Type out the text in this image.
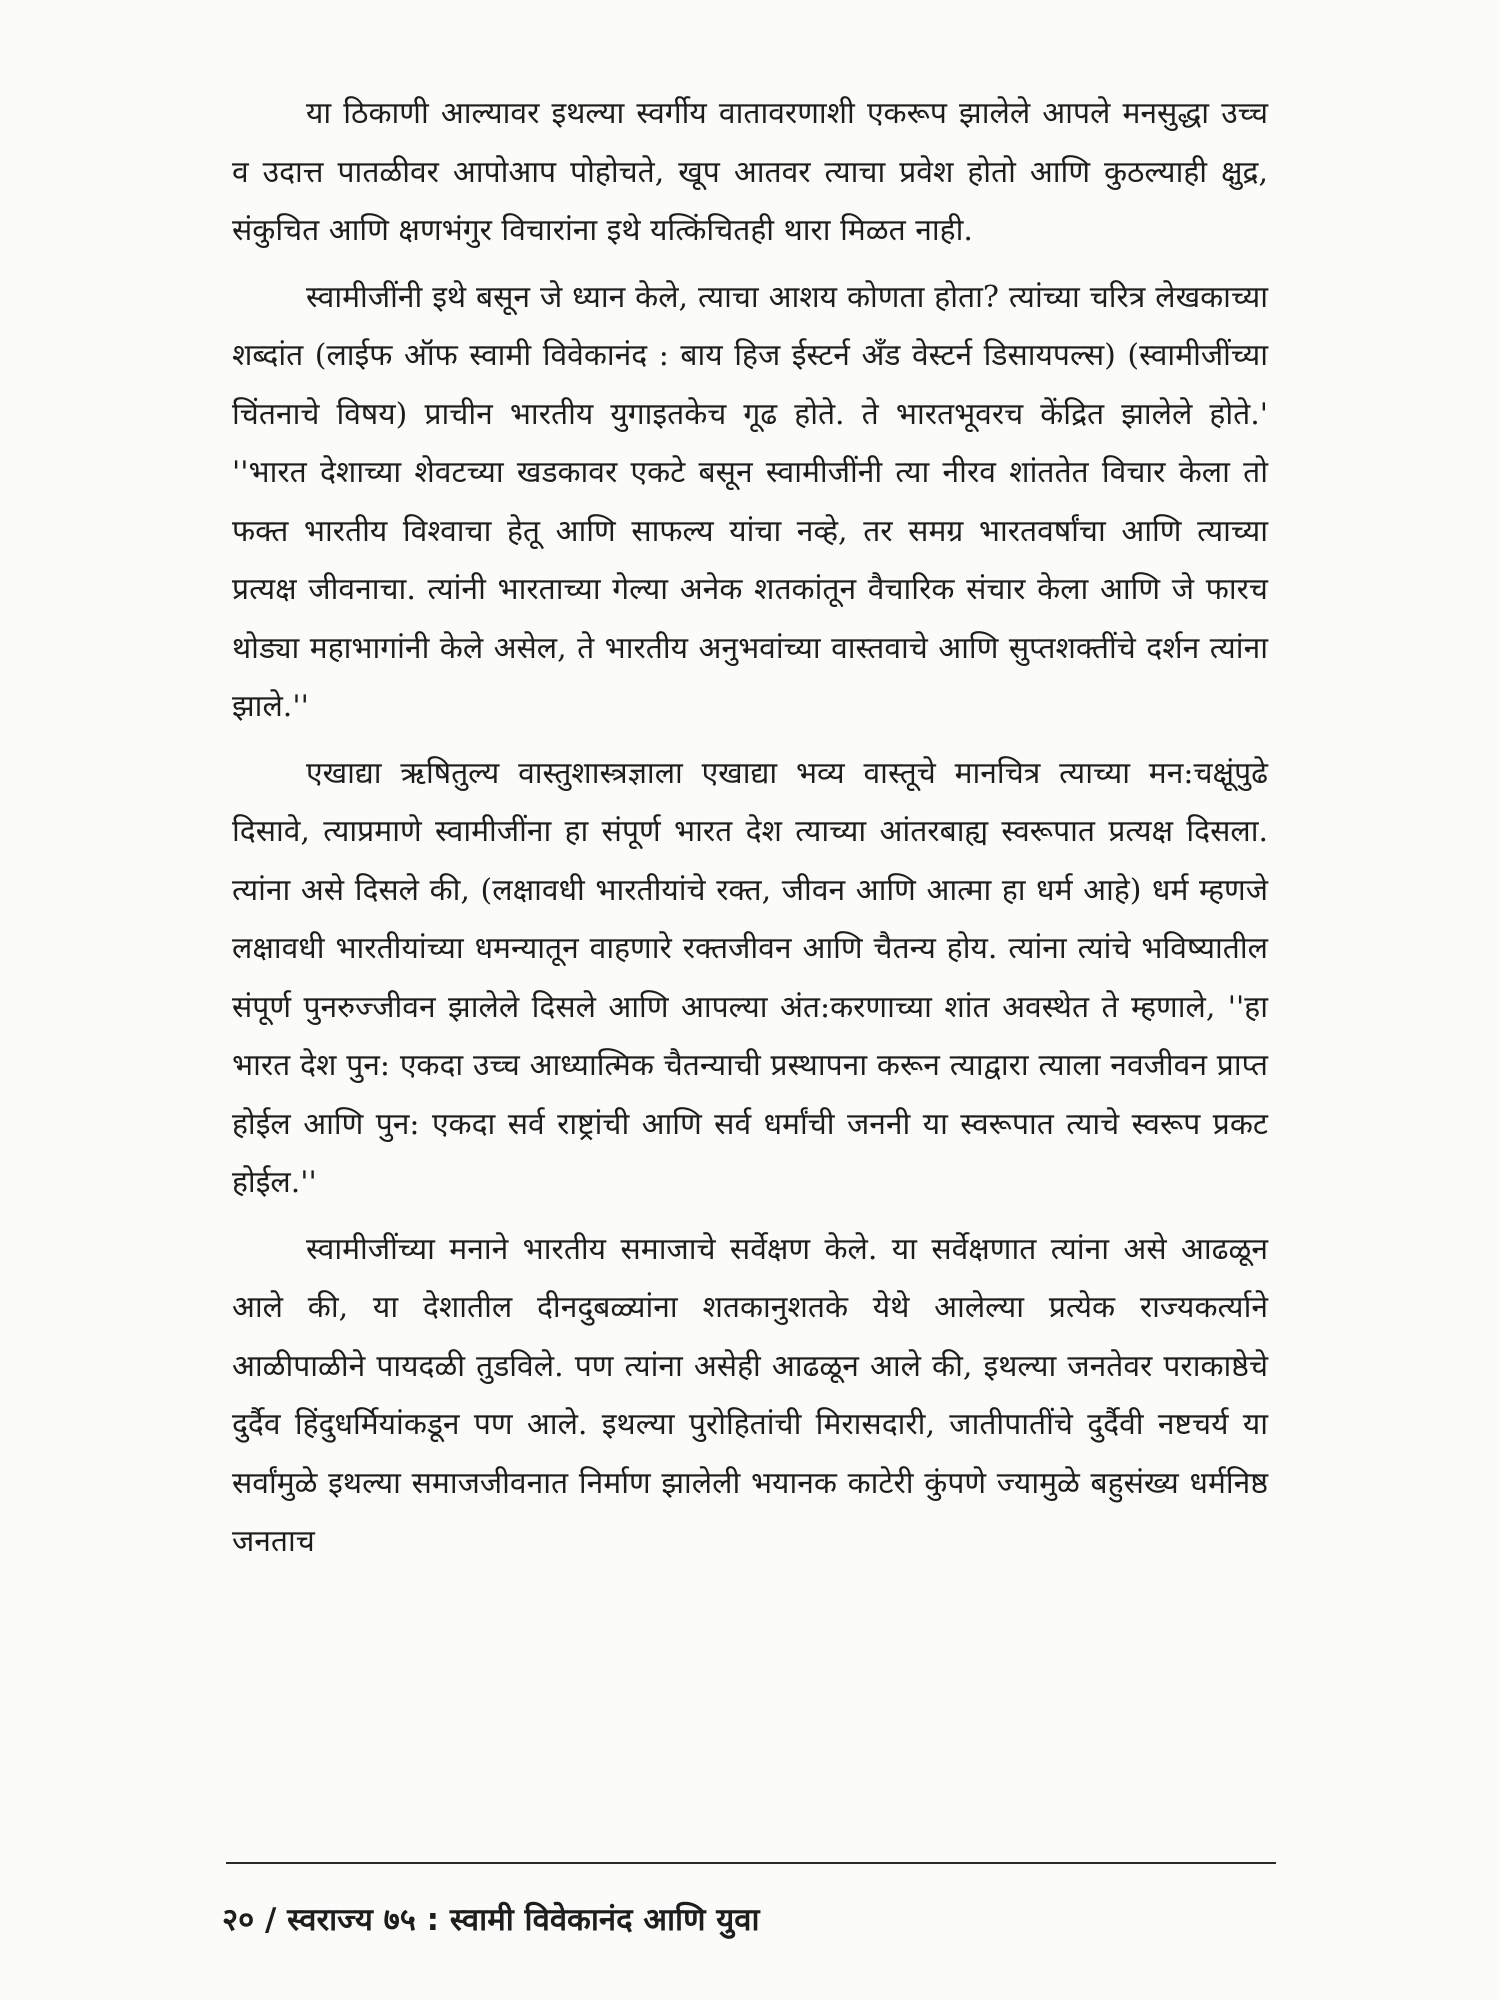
या ठिकाणी आल्यावर इथल्या स्वर्गीय वातावरणाशी एकरूप झालेले आपले मनसुद्धा उच्च व उदात्त पातळीवर आपोआप पोहोचते, खूप आतवर त्याचा प्रवेश होतो आणि कुठल्याही क्षुद्र, संकुचित आणि क्षणभंगुर विचारांना इथे यत्किंचितही थारा मिळत नाही.

स्वामीजींनी इथे बसून जे ध्यान केले, त्याचा आशय कोणता होता? त्यांच्या चरित्र लेखकाच्या शब्दांत (लाईफ ऑफ स्वामी विवेकानंद : बाय हिज ईस्टर्न अँड वेस्टर्न डिसायपल्स) (स्वामीजींच्या चिंतनाचे विषय) प्राचीन भारतीय युगाइतकेच गूढ होते. ते भारतभूवरच केंद्रित झालेले होते.' ''भारत देशाच्या शेवटच्या खडकावर एकटे बसून स्वामीजींनी त्या नीरव शांततेत विचार केला तो फक्त भारतीय विश्वाचा हेतू आणि साफल्य यांचा नव्हे, तर समग्र भारतवर्षांचा आणि त्याच्या प्रत्यक्ष जीवनाचा. त्यांनी भारताच्या गेल्या अनेक शतकांतून वैचारिक संचार केला आणि जे फारच थोड्या महाभागांनी केले असेल, ते भारतीय अनुभवांच्या वास्तवाचे आणि सुप्तशक्तींचे दर्शन त्यांना झाले.''

एखाद्या ऋषितुल्य वास्तुशास्त्रज्ञाला एखाद्या भव्य वास्तूचे मानचित्र त्याच्या मन:चक्षूंपुढे दिसावे, त्याप्रमाणे स्वामीजींना हा संपूर्ण भारत देश त्याच्या आंतरबाह्य स्वरूपात प्रत्यक्ष दिसला. त्यांना असे दिसले की, (लक्षावधी भारतीयांचे रक्त, जीवन आणि आत्मा हा धर्म आहे) धर्म म्हणजे लक्षावधी भारतीयांच्या धमन्यातून वाहणारे रक्तजीवन आणि चैतन्य होय. त्यांना त्यांचे भविष्यातील संपूर्ण पुनरुज्जीवन झालेले दिसले आणि आपल्या अंत:करणाच्या शांत अवस्थेत ते म्हणाले, ''हा भारत देश पुन: एकदा उच्च आध्यात्मिक चैतन्याची प्रस्थापना करून त्याद्वारा त्याला नवजीवन प्राप्त होईल आणि पुन: एकदा सर्व राष्ट्रांची आणि सर्व धर्मांची जननी या स्वरूपात त्याचे स्वरूप प्रकट होईल.''

स्वामीजींच्या मनाने भारतीय समाजाचे सर्वेक्षण केले. या सर्वेक्षणात त्यांना असे आढळून आले की, या देशातील दीनदुबळ्यांना शतकानुशतके येथे आलेल्या प्रत्येक राज्यकर्त्याने आळीपाळीने पायदळी तुडविले. पण त्यांना असेही आढळून आले की, इथल्या जनतेवर पराकाष्ठेचे दुर्दैव हिंदुधर्मियांकडून पण आले. इथल्या पुरोहितांची मिरासदारी, जातीपातींचे दुर्दैवी नष्टचर्य या सर्वांमुळे इथल्या समाजजीवनात निर्माण झालेली भयानक काटेरी कुंपणे ज्यामुळे बहुसंख्य धर्मनिष्ठ जनताच

२० / स्वराज्य ७५ : स्वामी विवेकानंद आणि युवा
